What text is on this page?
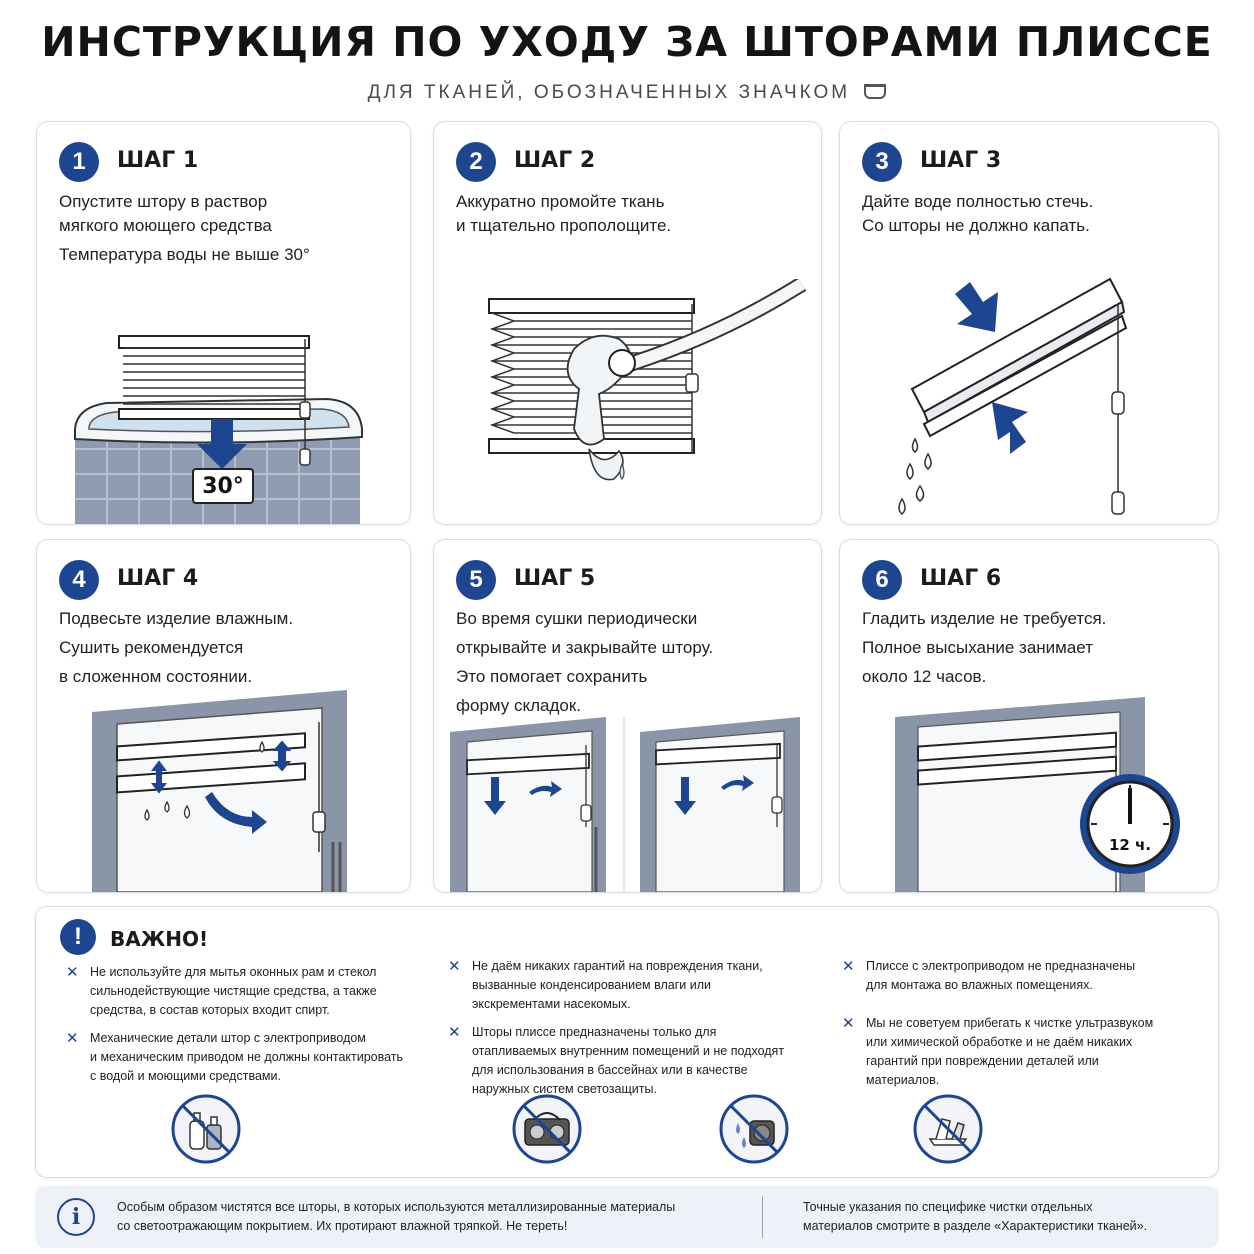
ИНСТРУКЦИЯ ПО УХОДУ ЗА ШТОРАМИ ПЛИССЕ
ДЛЯ ТКАНЕЙ, ОБОЗНАЧЕННЫХ ЗНАЧКОМ
1	ШАГ 1
Опустите штору в раствор
мягкого моющего средства
Температура воды не выше 30°
30°
2	ШАГ 2
Аккуратно промойте ткань
и тщательно прополощите.
3	ШАГ 3
Дайте воде полностью стечь.
Со шторы не должно капать.
4	ШАГ 4
Подвесьте изделие влажным.
Сушить рекомендуется
в сложенном состоянии.
5	ШАГ 5
Во время сушки периодически
открывайте и закрывайте штору.
Это помогает сохранить
форму складок.
6	ШАГ 6
Гладить изделие не требуется.
Полное высыхание занимает
около 12 часов.
12 ч.
!	ВАЖНО!
✕ Не используйте для мытья оконных рам и стекол
сильнодействующие чистящие средства, а также
средства, в состав которых входит спирт.
✕ Механические детали штор с электроприводом
и механическим приводом не должны контактировать
с водой и моющими средствами.
✕ Не даём никаких гарантий на повреждения ткани,
вызванные конденсированием влаги или
экскрементами насекомых.
✕ Шторы плиссе предназначены только для
отапливаемых внутренним помещений и не подходят
для использования в бассейнах или в качестве
наружных систем светозащиты.
✕ Плиссе с электроприводом не предназначены
для монтажа во влажных помещениях.
✕ Мы не советуем прибегать к чистке ультразвуком
или химической обработке и не даём никаких
гарантий при повреждении деталей или
материалов.
i	Особым образом чистятся все шторы, в которых используются металлизированные материалы
со светоотражающим покрытием. Их протирают влажной тряпкой. Не тереть!
Точные указания по специфике чистки отдельных
материалов смотрите в разделе «Характеристики тканей».
